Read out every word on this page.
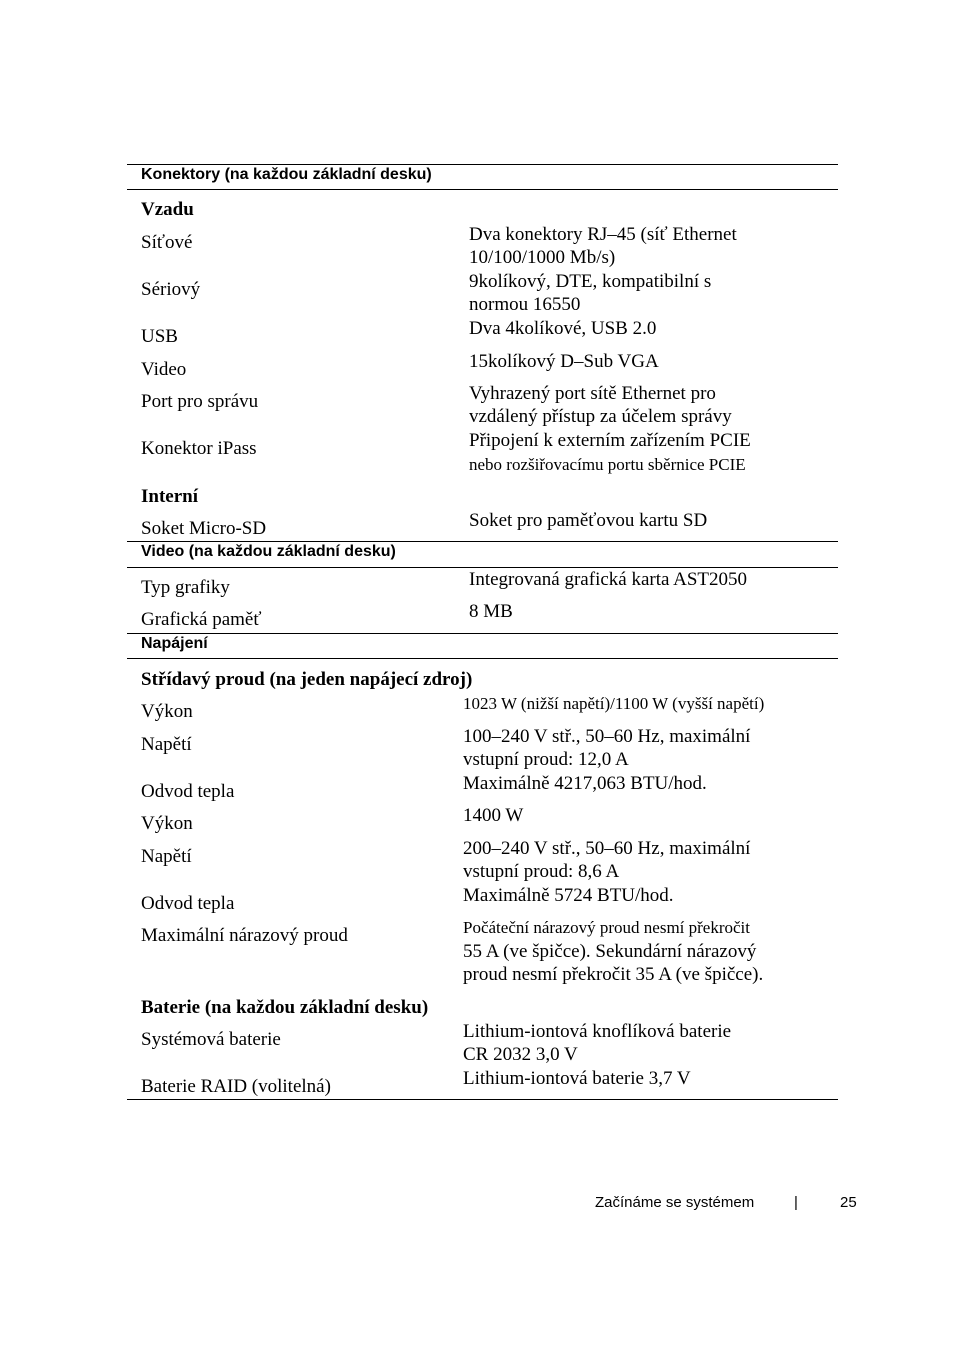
Konektory (na každou základní desku)
Vzadu
Síťové	Dva konektory RJ–45 (síť Ethernet
10/100/1000 Mb/s)
Sériový	9kolíkový, DTE, kompatibilní s
normou 16550
USB	Dva 4kolíkové, USB 2.0
Video	15kolíkový D–Sub VGA
Port pro správu	Vyhrazený port sítě Ethernet pro
vzdálený přístup za účelem správy
Konektor iPass	Připojení k externím zařízením PCIE
nebo rozšiřovacímu portu sběrnice PCIE
Interní
Soket Micro-SD	Soket pro paměťovou kartu SD
Video (na každou základní desku)
Typ grafiky	Integrovaná grafická karta AST2050
Grafická paměť	8 MB
Napájení
Střídavý proud (na jeden napájecí zdroj)
Výkon	1023 W (nižší napětí)/1100 W (vyšší napětí)
Napětí	100–240 V stř., 50–60 Hz, maximální
vstupní proud: 12,0 A
Odvod tepla	Maximálně 4217,063 BTU/hod.
Výkon	1400 W
Napětí	200–240 V stř., 50–60 Hz, maximální
vstupní proud: 8,6 A
Odvod tepla	Maximálně 5724 BTU/hod.
Maximální nárazový proud	Počáteční nárazový proud nesmí překročit
55 A (ve špičce). Sekundární nárazový
proud nesmí překročit 35 A (ve špičce).
Baterie (na každou základní desku)
Systémová baterie	Lithium-iontová knoflíková baterie
CR 2032 3,0 V
Baterie RAID (volitelná)	Lithium-iontová baterie 3,7 V
Začínáme se systémem	|	25
